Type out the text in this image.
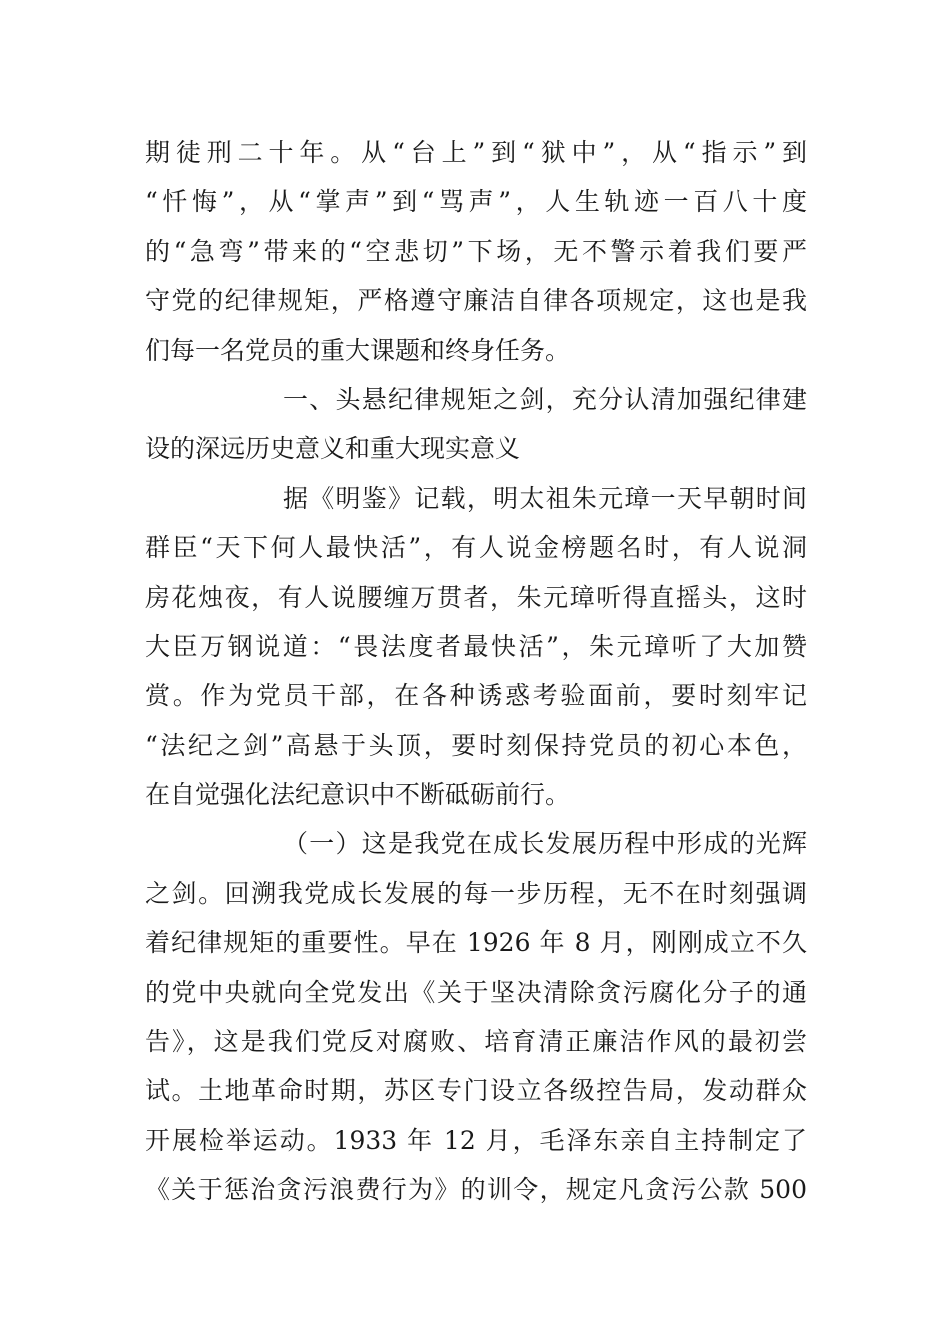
期徒刑二十年。从“台上”到“狱中”，从“指示”到
“忏悔”，从“掌声”到“骂声”，人生轨迹一百八十度
的“急弯”带来的“空悲切”下场，无不警示着我们要严
守党的纪律规矩，严格遵守廉洁自律各项规定，这也是我
们每一名党员的重大课题和终身任务。
一、头悬纪律规矩之剑，充分认清加强纪律建
设的深远历史意义和重大现实意义
据《明鉴》记载，明太祖朱元璋一天早朝时间
群臣“天下何人最快活”，有人说金榜题名时，有人说洞
房花烛夜，有人说腰缠万贯者，朱元璋听得直摇头，这时
大臣万钢说道：“畏法度者最快活”，朱元璋听了大加赞
赏。作为党员干部，在各种诱惑考验面前，要时刻牢记
“法纪之剑”高悬于头顶，要时刻保持党员的初心本色，
在自觉强化法纪意识中不断砥砺前行。
（一）这是我党在成长发展历程中形成的光辉
之剑。回溯我党成长发展的每一步历程，无不在时刻强调
着纪律规矩的重要性。早在 1926 年 8 月，刚刚成立不久
的党中央就向全党发出《关于坚决清除贪污腐化分子的通
告》，这是我们党反对腐败、培育清正廉洁作风的最初尝
试。土地革命时期，苏区专门设立各级控告局，发动群众
开展检举运动。1933 年 12 月，毛泽东亲自主持制定了
《关于惩治贪污浪费行为》的训令，规定凡贪污公款 500
